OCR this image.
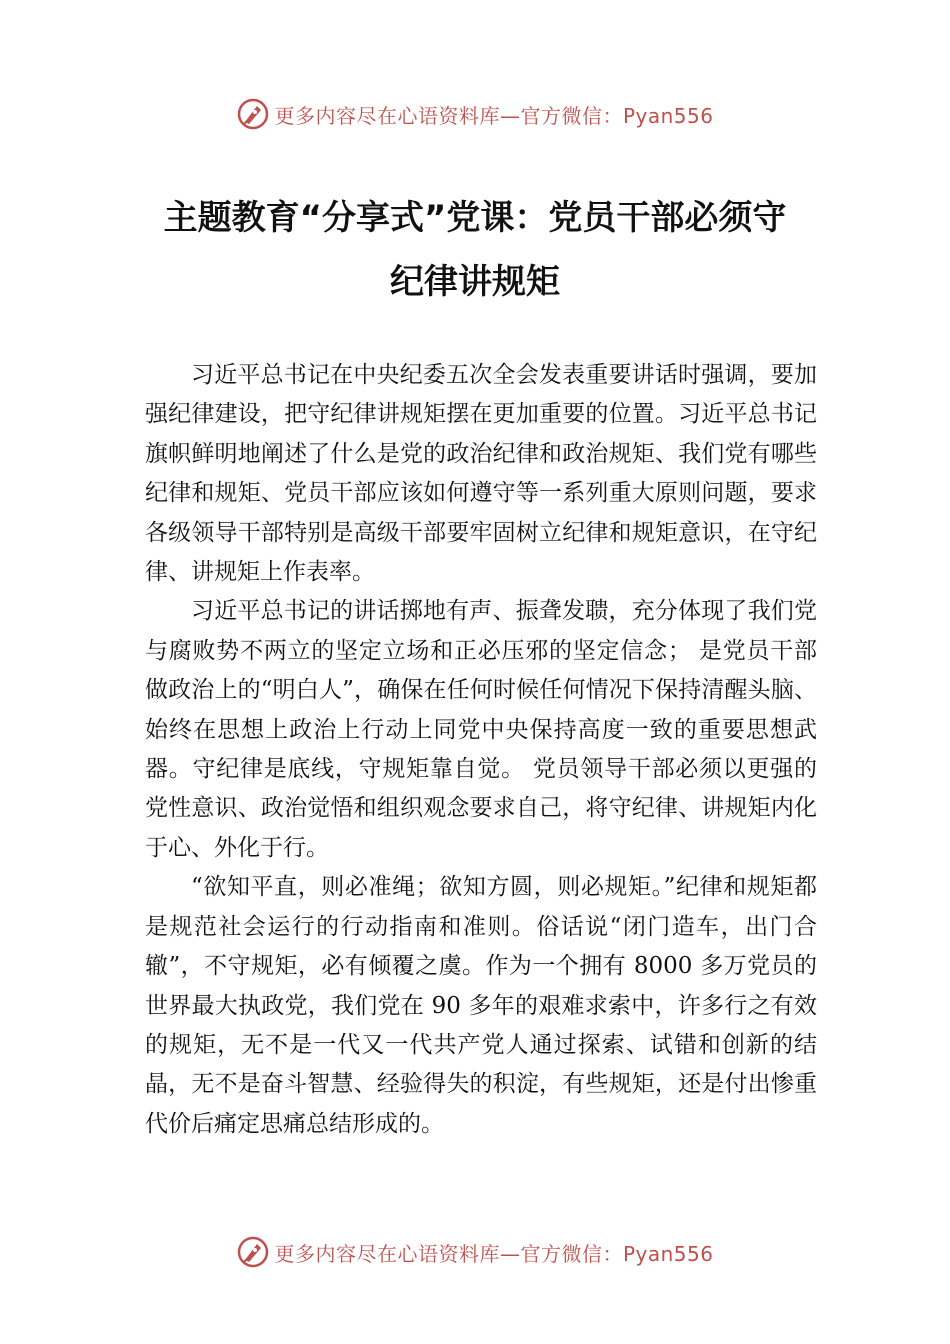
更多内容尽在心语资料库—官方微信：Pyan556
主题教育“分享式”党课：党员干部必须守
纪律讲规矩

习近平总书记在中央纪委五次全会发表重要讲话时强调，要加强纪律建设，把守纪律讲规矩摆在更加重要的位置。习近平总书记旗帜鲜明地阐述了什么是党的政治纪律和政治规矩、我们党有哪些纪律和规矩、党员干部应该如何遵守等一系列重大原则问题，要求各级领导干部特别是高级干部要牢固树立纪律和规矩意识，在守纪律、讲规矩上作表率。

习近平总书记的讲话掷地有声、振聋发聩，充分体现了我们党与腐败势不两立的坚定立场和正必压邪的坚定信念； 是党员干部做政治上的“明白人”，确保在任何时候任何情况下保持清醒头脑、始终在思想上政治上行动上同党中央保持高度一致的重要思想武器。守纪律是底线，守规矩靠自觉。 党员领导干部必须以更强的党性意识、政治觉悟和组织观念要求自己，将守纪律、讲规矩内化于心、外化于行。

“欲知平直，则必准绳；欲知方圆，则必规矩。”纪律和规矩都是规范社会运行的行动指南和准则。俗话说“闭门造车，出门合辙”，不守规矩，必有倾覆之虞。作为一个拥有 8000 多万党员的世界最大执政党，我们党在 90 多年的艰难求索中，许多行之有效的规矩，无不是一代又一代共产党人通过探索、试错和创新的结晶，无不是奋斗智慧、经验得失的积淀，有些规矩，还是付出惨重代价后痛定思痛总结形成的。

更多内容尽在心语资料库—官方微信：Pyan556
